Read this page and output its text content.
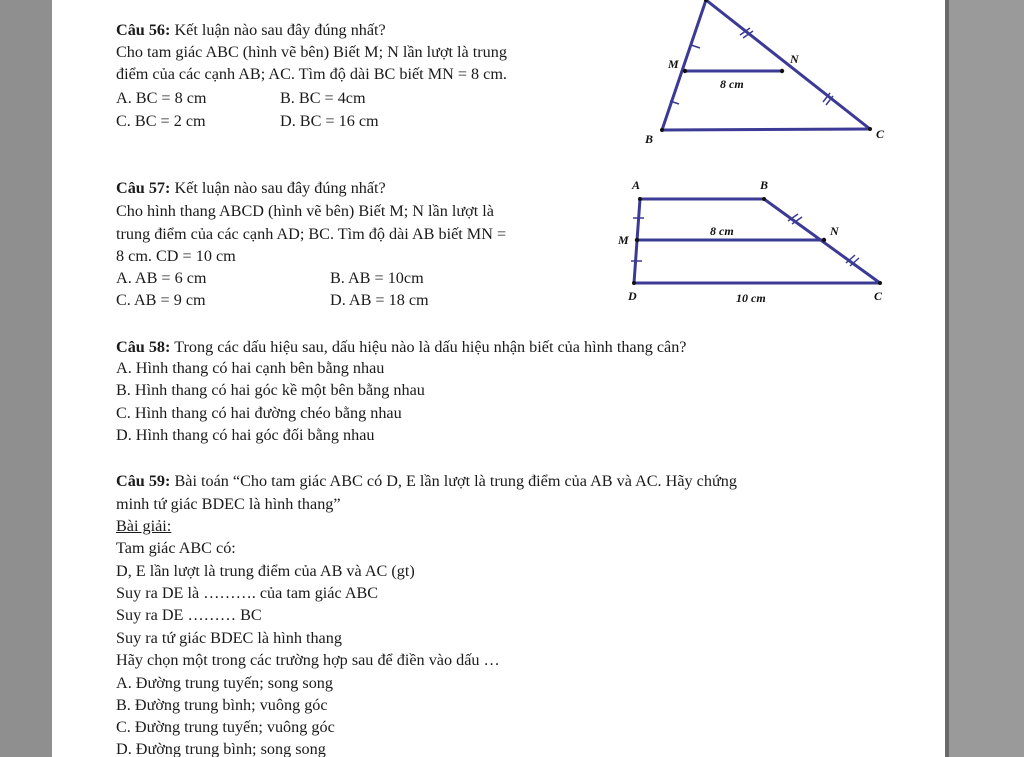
Câu 56: Kết luận nào sau đây đúng nhất?
Cho tam giác ABC (hình vẽ bên) Biết M; N lần lượt là trung
điểm của các cạnh AB; AC. Tìm độ dài BC biết MN = 8 cm.
A. BC = 8 cm	B. BC = 4cm
C. BC = 2 cm	D. BC = 16 cm
M	N
8 cm
B	C
Câu 57: Kết luận nào sau đây đúng nhất?
Cho hình thang ABCD (hình vẽ bên) Biết M; N lần lượt là
trung điểm của các cạnh AD; BC. Tìm độ dài AB biết MN =
8 cm. CD = 10 cm
A. AB = 6 cm	B. AB = 10cm
C. AB = 9 cm	D. AB = 18 cm
A	B
M
8 cm	N
D	10 cm	C
Câu 58: Trong các dấu hiệu sau, dấu hiệu nào là dấu hiệu nhận biết của hình thang cân?
A. Hình thang có hai cạnh bên bằng nhau
B. Hình thang có hai góc kề một bên bằng nhau
C. Hình thang có hai đường chéo bằng nhau
D. Hình thang có hai góc đối bằng nhau
Câu 59: Bài toán “Cho tam giác ABC có D, E lần lượt là trung điểm của AB và AC. Hãy chứng
minh tứ giác BDEC là hình thang”
Bài giải:
Tam giác ABC có:
D, E lần lượt là trung điểm của AB và AC (gt)
Suy ra DE là ………. của tam giác ABC
Suy ra DE ……… BC
Suy ra tứ giác BDEC là hình thang
Hãy chọn một trong các trường hợp sau để điền vào dấu …
A. Đường trung tuyến; song song
B. Đường trung bình; vuông góc
C. Đường trung tuyến; vuông góc
D. Đường trung bình; song song
